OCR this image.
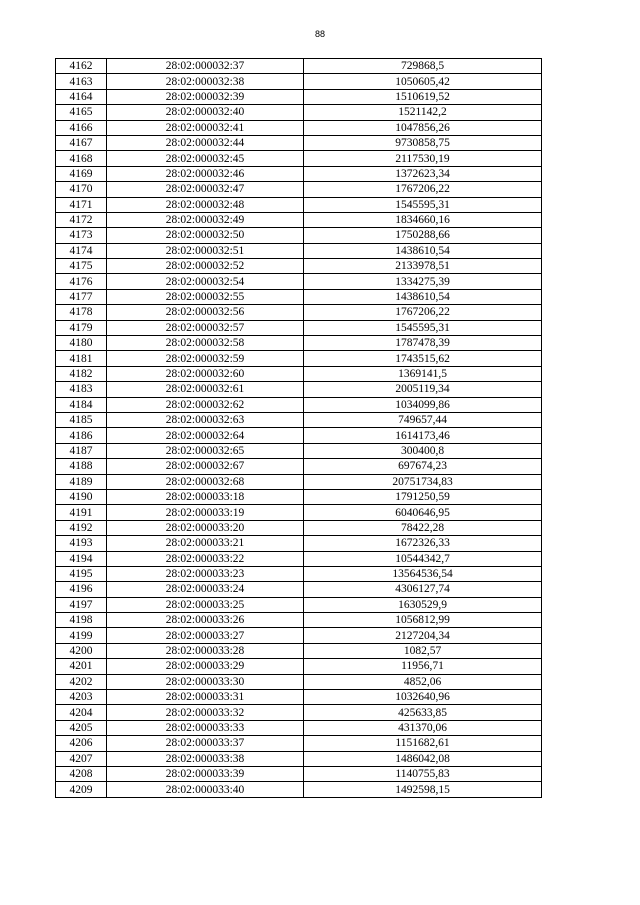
88
4162	28:02:000032:37	729868,5
4163	28:02:000032:38	1050605,42
4164	28:02:000032:39	1510619,52
4165	28:02:000032:40	1521142,2
4166	28:02:000032:41	1047856,26
4167	28:02:000032:44	9730858,75
4168	28:02:000032:45	2117530,19
4169	28:02:000032:46	1372623,34
4170	28:02:000032:47	1767206,22
4171	28:02:000032:48	1545595,31
4172	28:02:000032:49	1834660,16
4173	28:02:000032:50	1750288,66
4174	28:02:000032:51	1438610,54
4175	28:02:000032:52	2133978,51
4176	28:02:000032:54	1334275,39
4177	28:02:000032:55	1438610,54
4178	28:02:000032:56	1767206,22
4179	28:02:000032:57	1545595,31
4180	28:02:000032:58	1787478,39
4181	28:02:000032:59	1743515,62
4182	28:02:000032:60	1369141,5
4183	28:02:000032:61	2005119,34
4184	28:02:000032:62	1034099,86
4185	28:02:000032:63	749657,44
4186	28:02:000032:64	1614173,46
4187	28:02:000032:65	300400,8
4188	28:02:000032:67	697674,23
4189	28:02:000032:68	20751734,83
4190	28:02:000033:18	1791250,59
4191	28:02:000033:19	6040646,95
4192	28:02:000033:20	78422,28
4193	28:02:000033:21	1672326,33
4194	28:02:000033:22	10544342,7
4195	28:02:000033:23	13564536,54
4196	28:02:000033:24	4306127,74
4197	28:02:000033:25	1630529,9
4198	28:02:000033:26	1056812,99
4199	28:02:000033:27	2127204,34
4200	28:02:000033:28	1082,57
4201	28:02:000033:29	11956,71
4202	28:02:000033:30	4852,06
4203	28:02:000033:31	1032640,96
4204	28:02:000033:32	425633,85
4205	28:02:000033:33	431370,06
4206	28:02:000033:37	1151682,61
4207	28:02:000033:38	1486042,08
4208	28:02:000033:39	1140755,83
4209	28:02:000033:40	1492598,15
